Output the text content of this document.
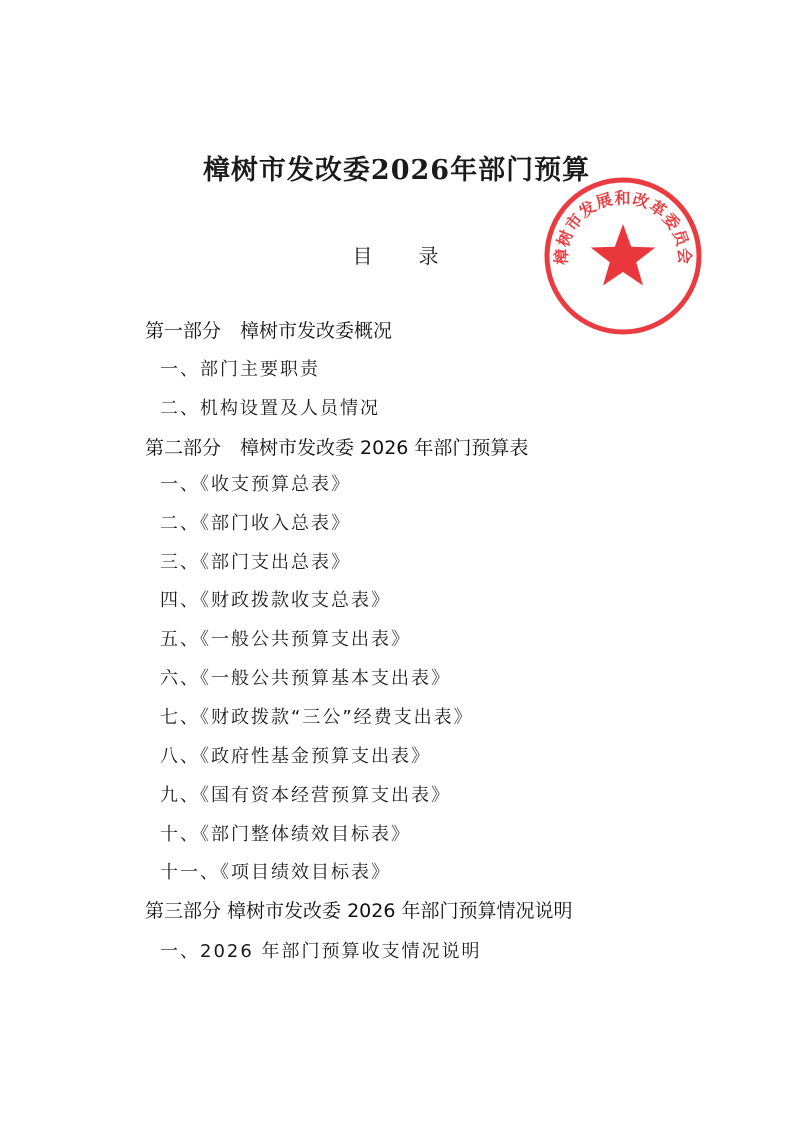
樟树市发改委2026年部门预算
目 录
第一部分　樟树市发改委概况
一、部门主要职责
二、机构设置及人员情况
第二部分　樟树市发改委 2026 年部门预算表
一、《收支预算总表》
二、《部门收入总表》
三、《部门支出总表》
四、《财政拨款收支总表》
五、《一般公共预算支出表》
六、《一般公共预算基本支出表》
七、《财政拨款“三公”经费支出表》
八、《政府性基金预算支出表》
九、《国有资本经营预算支出表》
十、《部门整体绩效目标表》
十一、《项目绩效目标表》
第三部分 樟树市发改委 2026 年部门预算情况说明
一、2026 年部门预算收支情况说明
樟树市发展和改革委员会
